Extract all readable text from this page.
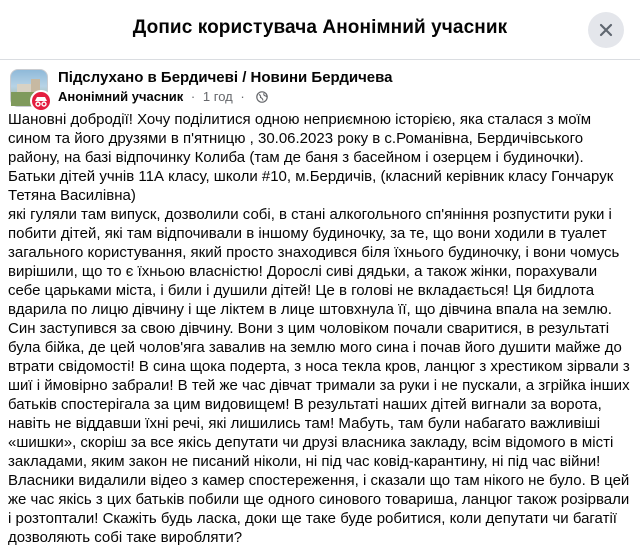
Допис користувача Анонімний учасник
Підслухано в Бердичеві / Новини Бердичева
Анонімний учасник · 1 год ·

Шановні добродії! Хочу поділитися одною неприємною історією, яка сталася з моїм сином та його друзями в п'ятницю , 30.06.2023 року в с.Романівна, Бердичівського району, на базі відпочинку Колиба (там де баня з басейном і озерцем і будиночки).

Батьки дітей учнів 11А класу, школи #10, м.Бердичів, (класний керівник класу Гончарук Тетяна Василівна)

які гуляли там випуск, дозволили собі, в стані алкогольного сп'яніння розпустити руки і побити дітей, які там відпочивали в іншому будиночку, за те, що вони ходили в туалет загального користування, який просто знаходився біля їхнього будиночку, і вони чомусь вирішили, що то є їхньою власністю! Дорослі сиві дядьки, а також жінки, порахували себе царьками міста, і били і душили дітей! Це в голові не вкладається! Ця бидлота вдарила по лицю дівчину і ще ліктем в лице штовхнула її, що дівчина впала на землю. Син заступився за свою дівчину. Вони з цим чоловіком почали сваритися, в результаті була бійка, де цей чолов'яга завалив на землю мого сина і почав його душити майже до втрати свідомості! В сина щока подерта, з носа текла кров, ланцюг з хрестиком зірвали з шиї і ймовірно забрали! В тей же час дівчат тримали за руки і не пускали, а згрійка інших батьків спостерігала за цим видовищем! В результаті наших дітей вигнали за ворота, навіть не віддавши їхні речі, які лишились там! Мабуть, там були набагато важливіші «шишки», скоріш за все якісь депутати чи друзі власника закладу, всім відомого в місті закладами, яким закон не писаний ніколи, ні під час ковід-карантину, ні під час війни! Власники видалили відео з камер спостереження, і сказали що там нікого не було. В цей же час якісь з цих батьків побили ще одного синового товариша, ланцюг також розірвали і розтоптали! Скажіть будь ласка, доки ще таке буде робитися, коли депутати чи багатії дозволяють собі таке виробляти?
